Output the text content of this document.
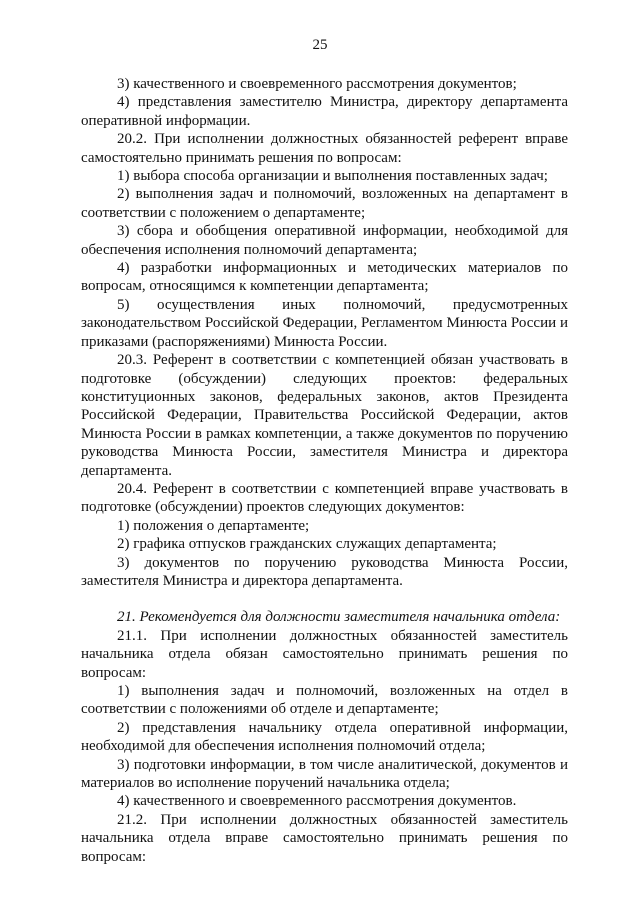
25

3) качественного и своевременного рассмотрения документов;

4) представления заместителю Министра, директору департамента оперативной информации.

20.2. При исполнении должностных обязанностей референт вправе самостоятельно принимать решения по вопросам:

1) выбора способа организации и выполнения поставленных задач;

2) выполнения задач и полномочий, возложенных на департамент в соответствии с положением о департаменте;

3) сбора и обобщения оперативной информации, необходимой для обеспечения исполнения полномочий департамента;

4) разработки информационных и методических материалов по вопросам, относящимся к компетенции департамента;

5) осуществления иных полномочий, предусмотренных законодательством Российской Федерации, Регламентом Минюста России и приказами (распоряжениями) Минюста России.

20.3. Референт в соответствии с компетенцией обязан участвовать в подготовке (обсуждении) следующих проектов: федеральных конституционных законов, федеральных законов, актов Президента Российской Федерации, Правительства Российской Федерации, актов Минюста России в рамках компетенции, а также документов по поручению руководства Минюста России, заместителя Министра и директора департамента.

20.4. Референт в соответствии с компетенцией вправе участвовать в подготовке (обсуждении) проектов следующих документов:

1) положения о департаменте;

2) графика отпусков гражданских служащих департамента;

3) документов по поручению руководства Минюста России, заместителя Министра и директора департамента.

21. Рекомендуется для должности заместителя начальника отдела:

21.1. При исполнении должностных обязанностей заместитель начальника отдела обязан самостоятельно принимать решения по вопросам:

1) выполнения задач и полномочий, возложенных на отдел в соответствии с положениями об отделе и департаменте;

2) представления начальнику отдела оперативной информации, необходимой для обеспечения исполнения полномочий отдела;

3) подготовки информации, в том числе аналитической, документов и материалов во исполнение поручений начальника отдела;

4) качественного и своевременного рассмотрения документов.

21.2. При исполнении должностных обязанностей заместитель начальника отдела вправе самостоятельно принимать решения по вопросам:
